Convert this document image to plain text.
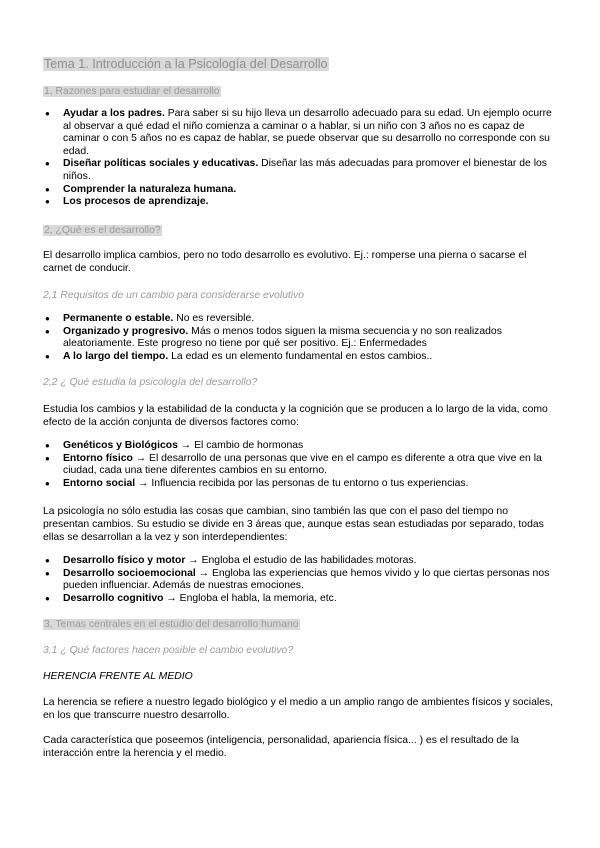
Tema 1. Introducción a la Psicología del Desarrollo
1, Razones para estudiar el desarrollo
● Ayudar a los padres. Para saber si su hijo lleva un desarrollo adecuado para su edad. Un ejemplo ocurre al observar a qué edad el niño comienza a caminar o a hablar, si un niño con 3 años no es capaz de caminar o con 5 años no es capaz de hablar, se puede observar que su desarrollo no corresponde con su edad.
● Diseñar políticas sociales y educativas. Diseñar las más adecuadas para promover el bienestar de los niños.
● Comprender la naturaleza humana.
● Los procesos de aprendizaje.
2, ¿Qué es el desarrollo?
El desarrollo implica cambios, pero no todo desarrollo es evolutivo. Ej.: romperse una pierna o sacarse el carnet de conducir.
2,1 Requisitos de un cambio para considerarse evolutivo
● Permanente o estable. No es reversible.
● Organizado y progresivo. Más o menos todos siguen la misma secuencia y no son realizados aleatoriamente. Este progreso no tiene por qué ser positivo. Ej.: Enfermedades
● A lo largo del tiempo. La edad es un elemento fundamental en estos cambios..
2,2 ¿ Qué estudia la psicología del desarrollo?
Estudia los cambios y la estabilidad de la conducta y la cognición que se producen a lo largo de la vida, como efecto de la acción conjunta de diversos factores como:
● Genéticos y Biológicos → El cambio de hormonas
● Entorno físico → El desarrollo de una personas que vive en el campo es diferente a otra que vive en la ciudad, cada una tiene diferentes cambios en su entorno.
● Entorno social → Influencia recibida por las personas de tu entorno o tus experiencias.
La psicología no sólo estudia las cosas que cambian, sino también las que con el paso del tiempo no presentan cambios. Su estudio se divide en 3 áreas que, aunque estas sean estudiadas por separado, todas ellas se desarrollan a la vez y son interdependientes:
● Desarrollo físico y motor → Engloba el estudio de las habilidades motoras.
● Desarrollo socioemocional → Engloba las experiencias que hemos vivido y lo que ciertas personas nos pueden influenciar. Además de nuestras emociones.
● Desarrollo cognitivo → Engloba el habla, la memoria, etc.
3, Temas centrales en el estudio del desarrollo humano
3,1 ¿ Qué factores hacen posible el cambio evolutivo?
HERENCIA FRENTE AL MEDIO
La herencia se refiere a nuestro legado biológico y el medio a un amplio rango de ambientes físicos y sociales, en los que transcurre nuestro desarrollo.
Cada característica que poseemos (inteligencia, personalidad, apariencia física... ) es el resultado de la interacción entre la herencia y el medio.
